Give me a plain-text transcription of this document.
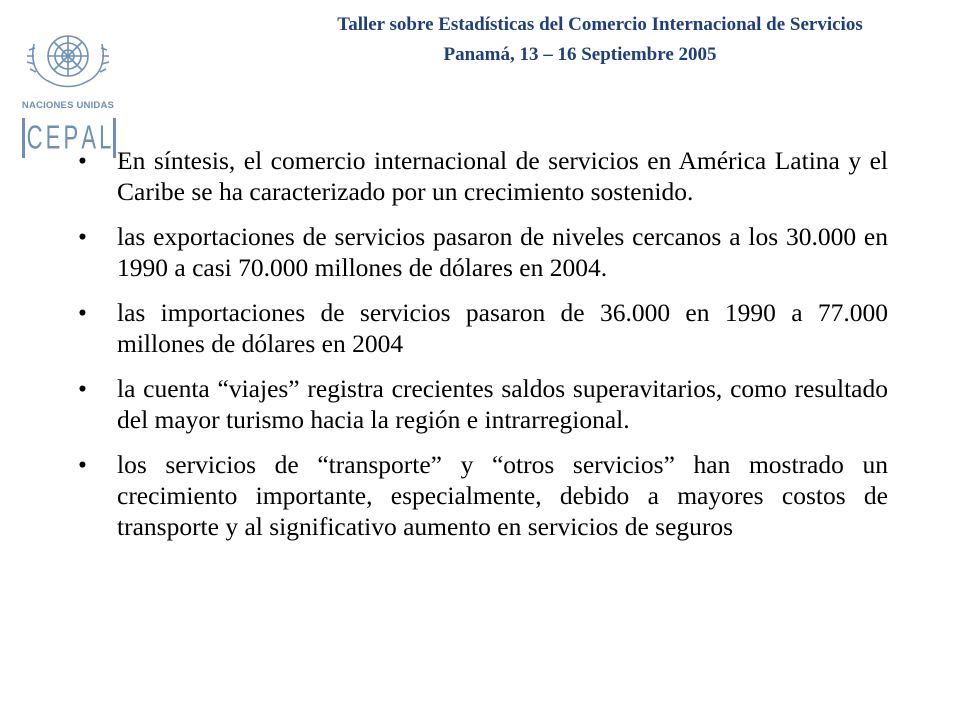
NACIONES UNIDAS
C E P A L
Taller sobre Estadísticas del Comercio Internacional de Servicios
Panamá, 13 – 16 Septiembre 2005
• En síntesis, el comercio internacional de servicios en América Latina y el Caribe se ha caracterizado por un crecimiento sostenido.
• las exportaciones de servicios pasaron de niveles cercanos a los 30.000 en 1990 a casi 70.000 millones de dólares en 2004.
• las importaciones de servicios pasaron de 36.000 en 1990 a 77.000 millones de dólares en 2004
• la cuenta “viajes” registra crecientes saldos superavitarios, como resultado del mayor turismo hacia la región e intrarregional.
• los servicios de “transporte” y “otros servicios” han mostrado un crecimiento importante, especialmente, debido a mayores costos de transporte y al significativo aumento en servicios de seguros
